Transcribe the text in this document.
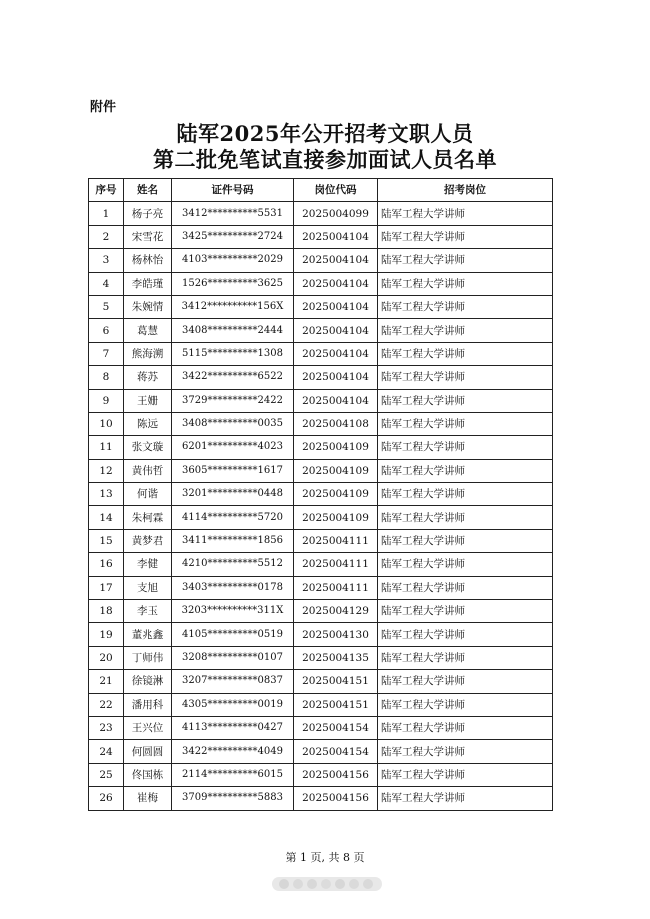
附件
陆军2025年公开招考文职人员
第二批免笔试直接参加面试人员名单
序号	姓名	证件号码	岗位代码	招考岗位
1	杨子亮	3412**********5531	2025004099	陆军工程大学讲师
2	宋雪花	3425**********2724	2025004104	陆军工程大学讲师
3	杨林怡	4103**********2029	2025004104	陆军工程大学讲师
4	李皓瑾	1526**********3625	2025004104	陆军工程大学讲师
5	朱婉情	3412**********156X	2025004104	陆军工程大学讲师
6	葛慧	3408**********2444	2025004104	陆军工程大学讲师
7	熊海溯	5115**********1308	2025004104	陆军工程大学讲师
8	蒋苏	3422**********6522	2025004104	陆军工程大学讲师
9	王姗	3729**********2422	2025004104	陆军工程大学讲师
10	陈远	3408**********0035	2025004108	陆军工程大学讲师
11	张文璇	6201**********4023	2025004109	陆军工程大学讲师
12	黄伟哲	3605**********1617	2025004109	陆军工程大学讲师
13	何谐	3201**********0448	2025004109	陆军工程大学讲师
14	朱柯霖	4114**********5720	2025004109	陆军工程大学讲师
15	黄梦君	3411**********1856	2025004111	陆军工程大学讲师
16	李健	4210**********5512	2025004111	陆军工程大学讲师
17	支旭	3403**********0178	2025004111	陆军工程大学讲师
18	李玉	3203**********311X	2025004129	陆军工程大学讲师
19	董兆鑫	4105**********0519	2025004130	陆军工程大学讲师
20	丁师伟	3208**********0107	2025004135	陆军工程大学讲师
21	徐镜淋	3207**********0837	2025004151	陆军工程大学讲师
22	潘用科	4305**********0019	2025004151	陆军工程大学讲师
23	王兴位	4113**********0427	2025004154	陆军工程大学讲师
24	何圆圆	3422**********4049	2025004154	陆军工程大学讲师
25	佟国栋	2114**********6015	2025004156	陆军工程大学讲师
26	崔梅	3709**********5883	2025004156	陆军工程大学讲师
第 1 页, 共 8 页
